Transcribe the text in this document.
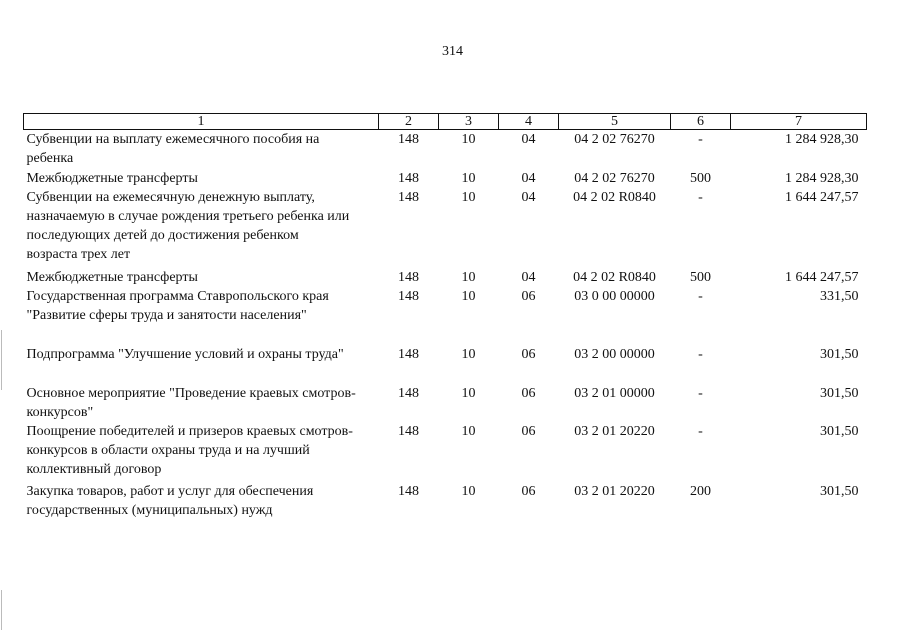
314
1	2	3	4	5	6	7

Субвенции на выплату ежемесячного пособия на
ребенка	148	10	04	04 2 02 76270	-	1 284 928,30

Межбюджетные трансферты	148	10	04	04 2 02 76270	500	1 284 928,30

Субвенции на ежемесячную денежную выплату,
назначаемую в случае рождения третьего ребенка или
последующих детей до достижения ребенком
возраста трех лет	148	10	04	04 2 02 R0840	-	1 644 247,57

Межбюджетные трансферты	148	10	04	04 2 02 R0840	500	1 644 247,57

Государственная программа Ставропольского края
"Развитие сферы труда и занятости населения"	148	10	06	03 0 00 00000	-	331,50

Подпрограмма "Улучшение условий и охраны труда"	148	10	06	03 2 00 00000	-	301,50

Основное мероприятие "Проведение краевых смотров-
конкурсов"	148	10	06	03 2 01 00000	-	301,50

Поощрение победителей и призеров краевых смотров-
конкурсов в области охраны труда и на лучший
коллективный договор	148	10	06	03 2 01 20220	-	301,50

Закупка товаров, работ и услуг для обеспечения
государственных (муниципальных) нужд	148	10	06	03 2 01 20220	200	301,50
